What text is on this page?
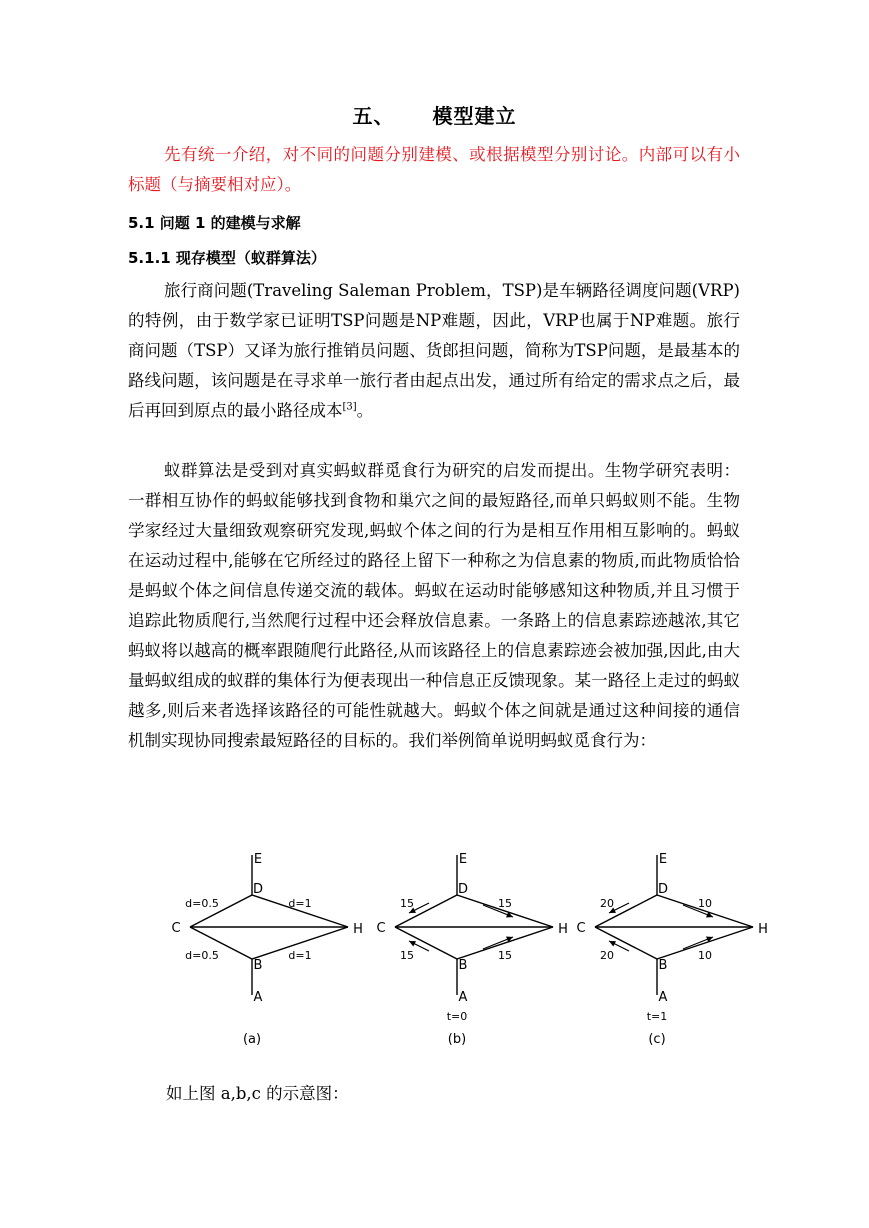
五、 模型建立
先有统一介绍，对不同的问题分别建模、或根据模型分别讨论。内部可以有小标题（与摘要相对应）。
5.1 问题 1 的建模与求解
5.1.1 现存模型（蚁群算法）
旅行商问题(Traveling Saleman Problem，TSP)是车辆路径调度问题(VRP)的特例，由于数学家已证明TSP问题是NP难题，因此，VRP也属于NP难题。旅行商问题（TSP）又译为旅行推销员问题、货郎担问题，简称为TSP问题，是最基本的路线问题，该问题是在寻求单一旅行者由起点出发，通过所有给定的需求点之后，最后再回到原点的最小路径成本[3]。
蚁群算法是受到对真实蚂蚁群觅食行为研究的启发而提出。生物学研究表明：一群相互协作的蚂蚁能够找到食物和巢穴之间的最短路径,而单只蚂蚁则不能。生物学家经过大量细致观察研究发现,蚂蚁个体之间的行为是相互作用相互影响的。蚂蚁在运动过程中,能够在它所经过的路径上留下一种称之为信息素的物质,而此物质恰恰是蚂蚁个体之间信息传递交流的载体。蚂蚁在运动时能够感知这种物质,并且习惯于追踪此物质爬行,当然爬行过程中还会释放信息素。一条路上的信息素踪迹越浓,其它蚂蚁将以越高的概率跟随爬行此路径,从而该路径上的信息素踪迹会被加强,因此,由大量蚂蚁组成的蚁群的集体行为便表现出一种信息正反馈现象。某一路径上走过的蚂蚁越多,则后来者选择该路径的可能性就越大。蚂蚁个体之间就是通过这种间接的通信机制实现协同搜索最短路径的目标的。我们举例简单说明蚂蚁觅食行为：
E
D
C	H
B
A
d=0.5	d=1
d=0.5	d=1
(a)
E
D
C	H
B
A
15	15
15	15
t=0
(b)
E
D
C	H
B
A
20	10
20	10
t=1
(c)
如上图 a,b,c 的示意图：
